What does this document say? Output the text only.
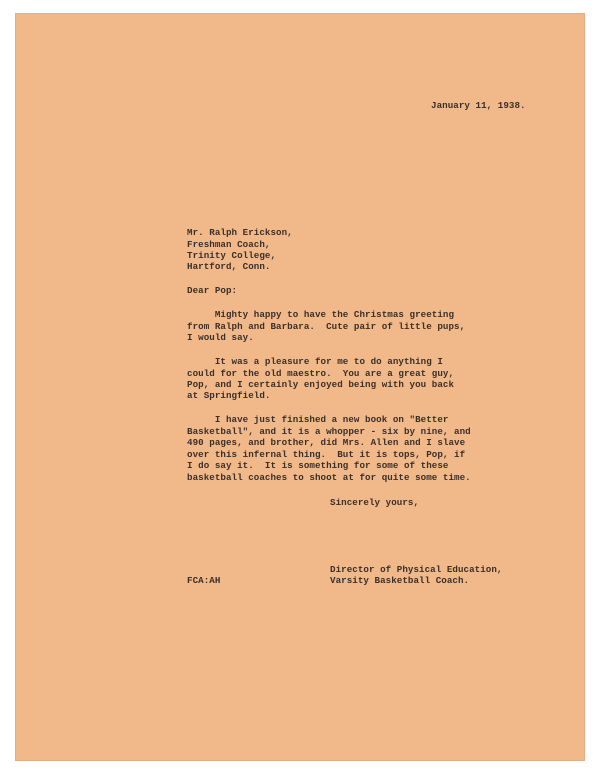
January 11, 1938.
Mr. Ralph Erickson,
Freshman Coach,
Trinity College,
Hartford, Conn.
Dear Pop:
Mighty happy to have the Christmas greeting
from Ralph and Barbara.  Cute pair of little pups,
I would say.
It was a pleasure for me to do anything I
could for the old maestro.  You are a great guy,
Pop, and I certainly enjoyed being with you back
at Springfield.
I have just finished a new book on "Better
Basketball", and it is a whopper - six by nine, and
490 pages, and brother, did Mrs. Allen and I slave
over this infernal thing.  But it is tops, Pop, if
I do say it.  It is something for some of these
basketball coaches to shoot at for quite some time.
Sincerely yours,
Director of Physical Education,
Varsity Basketball Coach.
FCA:AH
